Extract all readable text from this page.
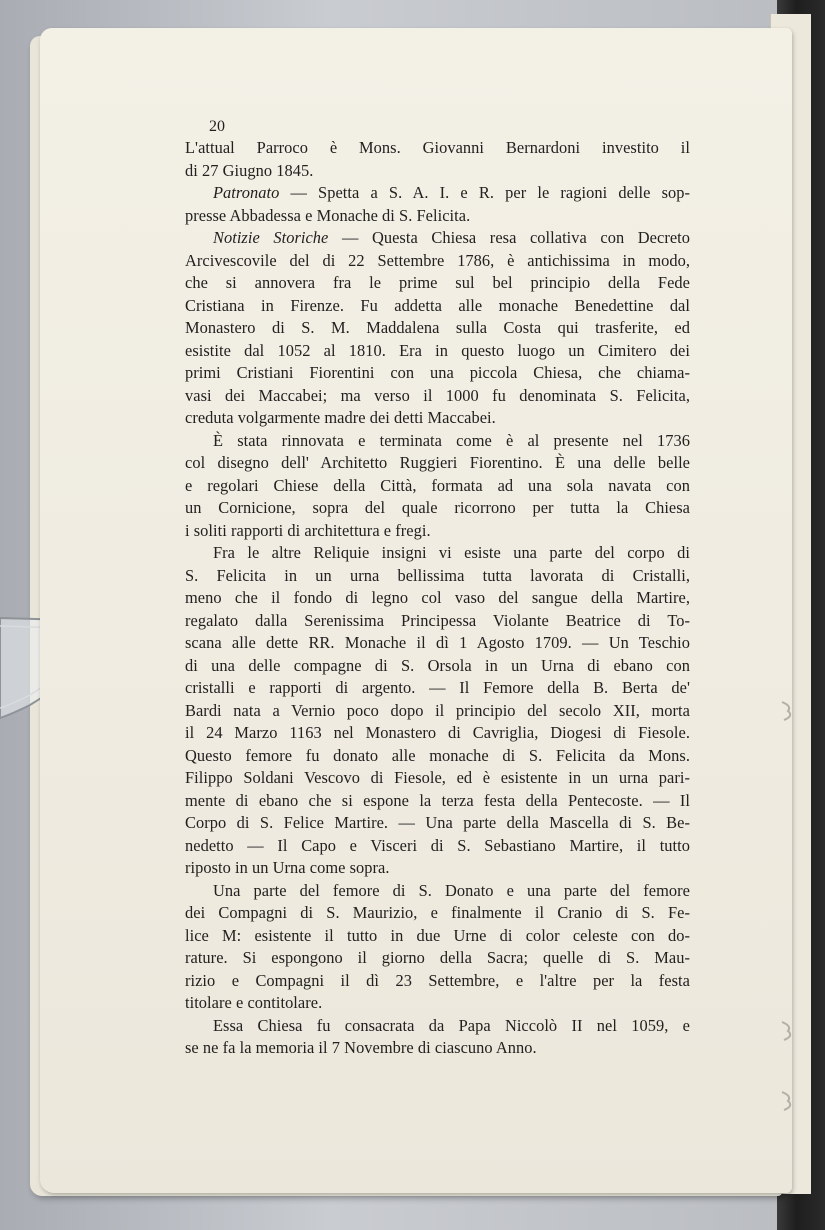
20
L'attual Parroco è Mons. Giovanni Bernardoni investito il
di 27 Giugno 1845.
Patronato — Spetta a S. A. I. e R. per le ragioni delle sop-
presse Abbadessa e Monache di S. Felicita.
Notizie Storiche — Questa Chiesa resa collativa con Decreto
Arcivescovile del di 22 Settembre 1786, è antichissima in modo,
che si annovera fra le prime sul bel principio della Fede
Cristiana in Firenze. Fu addetta alle monache Benedettine dal
Monastero di S. M. Maddalena sulla Costa qui trasferite, ed
esistite dal 1052 al 1810. Era in questo luogo un Cimitero dei
primi Cristiani Fiorentini con una piccola Chiesa, che chiama-
vasi dei Maccabei; ma verso il 1000 fu denominata S. Felicita,
creduta volgarmente madre dei detti Maccabei.
È stata rinnovata e terminata come è al presente nel 1736
col disegno dell' Architetto Ruggieri Fiorentino. È una delle belle
e regolari Chiese della Città, formata ad una sola navata con
un Cornicione, sopra del quale ricorrono per tutta la Chiesa
i soliti rapporti di architettura e fregi.
Fra le altre Reliquie insigni vi esiste una parte del corpo di
S. Felicita in un urna bellissima tutta lavorata di Cristalli,
meno che il fondo di legno col vaso del sangue della Martire,
regalato dalla Serenissima Principessa Violante Beatrice di To-
scana alle dette RR. Monache il dì 1 Agosto 1709. — Un Teschio
di una delle compagne di S. Orsola in un Urna di ebano con
cristalli e rapporti di argento. — Il Femore della B. Berta de'
Bardi nata a Vernio poco dopo il principio del secolo XII, morta
il 24 Marzo 1163 nel Monastero di Cavriglia, Diogesi di Fiesole.
Questo femore fu donato alle monache di S. Felicita da Mons.
Filippo Soldani Vescovo di Fiesole, ed è esistente in un urna pari-
mente di ebano che si espone la terza festa della Pentecoste. — Il
Corpo di S. Felice Martire. — Una parte della Mascella di S. Be-
nedetto — Il Capo e Visceri di S. Sebastiano Martire, il tutto
riposto in un Urna come sopra.
Una parte del femore di S. Donato e una parte del femore
dei Compagni di S. Maurizio, e finalmente il Cranio di S. Fe-
lice M: esistente il tutto in due Urne di color celeste con do-
rature. Si espongono il giorno della Sacra; quelle di S. Mau-
rizio e Compagni il dì 23 Settembre, e l'altre per la festa
titolare e contitolare.
Essa Chiesa fu consacrata da Papa Niccolò II nel 1059, e
se ne fa la memoria il 7 Novembre di ciascuno Anno.
